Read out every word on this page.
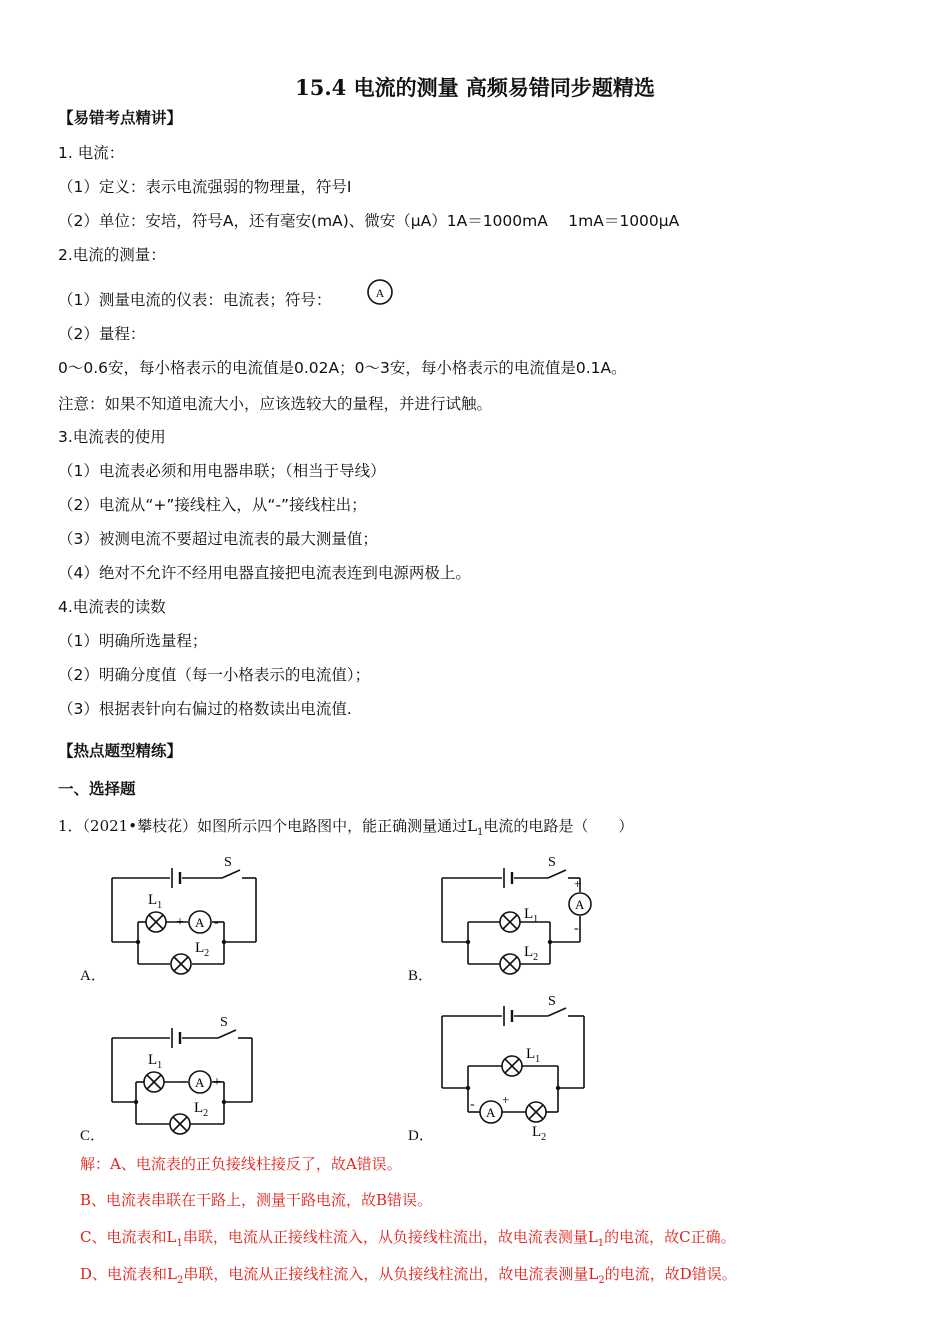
15.4 电流的测量 高频易错同步题精选
【易错考点精讲】
1. 电流：
（1）定义：表示电流强弱的物理量，符号I
（2）单位：安培，符号A，还有毫安(mA)、微安（μA）1A＝1000mA　 1mA＝1000μA
2.电流的测量：
（1）测量电流的仪表：电流表；符号：	A
（2）量程：
0～0.6安，每小格表示的电流值是0.02A；0～3安，每小格表示的电流值是0.1A。
注意：如果不知道电流大小，应该选较大的量程，并进行试触。
3.电流表的使用
（1）电流表必须和用电器串联；（相当于导线）
（2）电流从“+”接线柱入，从“-”接线柱出；
（3）被测电流不要超过电流表的最大测量值；
（4）绝对不允许不经用电器直接把电流表连到电源两极上。
4.电流表的读数
（1）明确所选量程；
（2）明确分度值（每一小格表示的电流值）；
（3）根据表针向右偏过的格数读出电流值.
【热点题型精练】
一、选择题
1．（2021•攀枝花）如图所示四个电路图中，能正确测量通过$L_1$电流的电路是（　　）
S
A
+ -
$L_1$
$L_2$
A．
S
A
+
-
$L_1$
$L_2$
B．
S
A
- +
$L_1$
$L_2$
C．
S
A
- +
$L_1$
$L_2$
D．
解：A、电流表的正负接线柱接反了，故A错误。
B、电流表串联在干路上，测量干路电流，故B错误。
C、电流表和$L_1$串联，电流从正接线柱流入，从负接线柱流出，故电流表测量$L_1$的电流，故C正确。
D、电流表和$L_2$串联，电流从正接线柱流入，从负接线柱流出，故电流表测量$L_2$的电流，故D错误。
